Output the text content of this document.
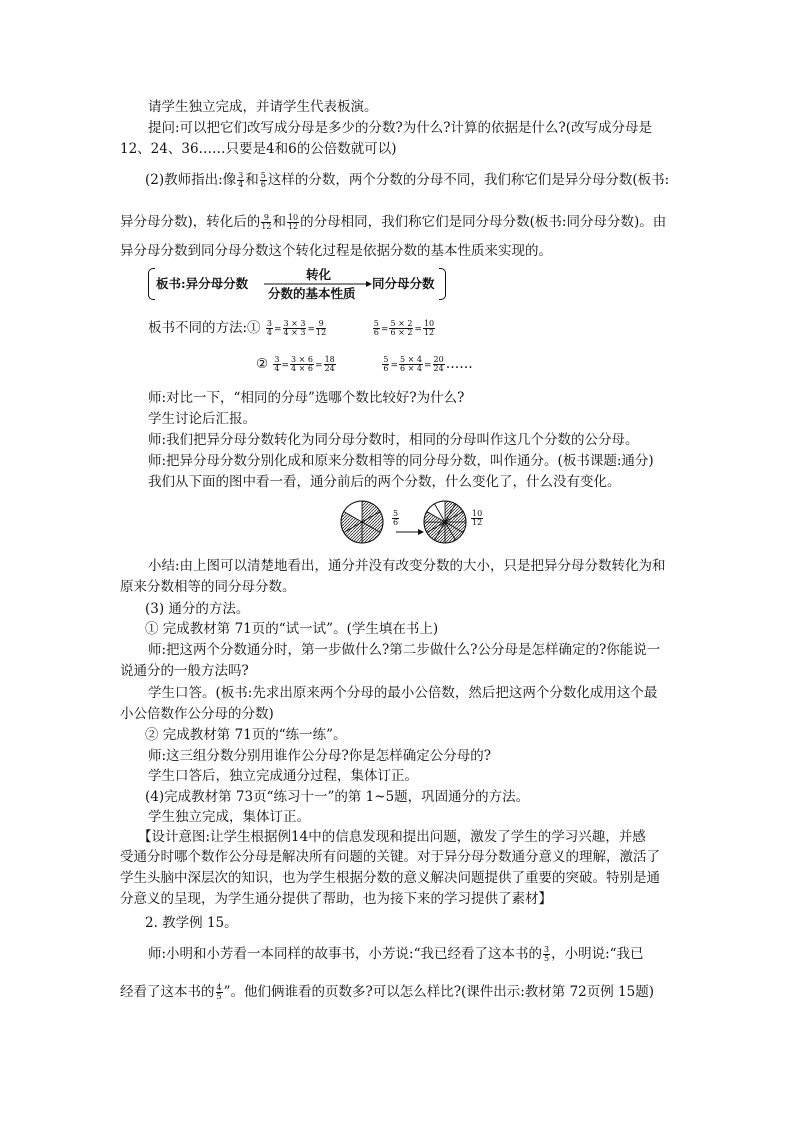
请学生独立完成，并请学生代表板演。
提问:可以把它们改写成分母是多少的分数?为什么?计算的依据是什么?(改写成分母是
12、24、36……只要是4和6的公倍数就可以)
(2)教师指出:像 $\frac{3}{4}$ 和 $\frac{5}{6}$ 这样的分数，两个分数的分母不同，我们称它们是异分母分数(板书:
异分母分数)，转化后的 $\frac{9}{12}$ 和 $\frac{10}{12}$ 的分母相同，我们称它们是同分母分数(板书:同分母分数)。由
异分母分数到同分母分数这个转化过程是依据分数的基本性质来实现的。
板书:异分母分数
转化
分数的基本性质
同分母分数
板书不同的方法:① $\frac{3}{4} = \frac{3 \times 3}{4 \times 3} = \frac{9}{12}$
	$\frac{5}{6} = \frac{5 \times 2}{6 \times 2} = \frac{10}{12}$
② $\frac{3}{4} = \frac{3 \times 6}{4 \times 6} = \frac{18}{24}$
	$\frac{5}{6} = \frac{5 \times 4}{6 \times 4} = \frac{20}{24}$ ……
师:对比一下，“相同的分母”选哪个数比较好?为什么?
学生讨论后汇报。
师:我们把异分母分数转化为同分母分数时，相同的分母叫作这几个分数的公分母。
师:把异分母分数分别化成和原来分数相等的同分母分数，叫作通分。(板书课题:通分)
我们从下面的图中看一看，通分前后的两个分数，什么变化了，什么没有变化。
$\frac{5}{6}$	$\frac{10}{12}$
小结:由上图可以清楚地看出，通分并没有改变分数的大小，只是把异分母分数转化为和
原来分数相等的同分母分数。
(3) 通分的方法。
① 完成教材第 71页的“试一试”。(学生填在书上)
师:把这两个分数通分时，第一步做什么?第二步做什么?公分母是怎样确定的?你能说一
说通分的一般方法吗?
学生口答。(板书:先求出原来两个分母的最小公倍数，然后把这两个分数化成用这个最
小公倍数作公分母的分数)
② 完成教材第 71页的“练一练”。
师:这三组分数分别用谁作公分母?你是怎样确定公分母的?
学生口答后，独立完成通分过程，集体订正。
(4)完成教材第 73页“练习十一”的第 1~5题，巩固通分的方法。
学生独立完成，集体订正。
【设计意图:让学生根据例14中的信息发现和提出问题，激发了学生的学习兴趣，并感
受通分时哪个数作公分母是解决所有问题的关键。对于异分母分数通分意义的理解，激活了
学生头脑中深层次的知识，也为学生根据分数的意义解决问题提供了重要的突破。特别是通
分意义的呈现，为学生通分提供了帮助，也为接下来的学习提供了素材】
2. 教学例 15。
师:小明和小芳看一本同样的故事书，小芳说:“我已经看了这本书的 $\frac{3}{5}$ ，小明说:“我已
经看了这本书的 $\frac{4}{5}$ ”。他们俩谁看的页数多?可以怎么样比?(课件出示:教材第 72页例 15题)
